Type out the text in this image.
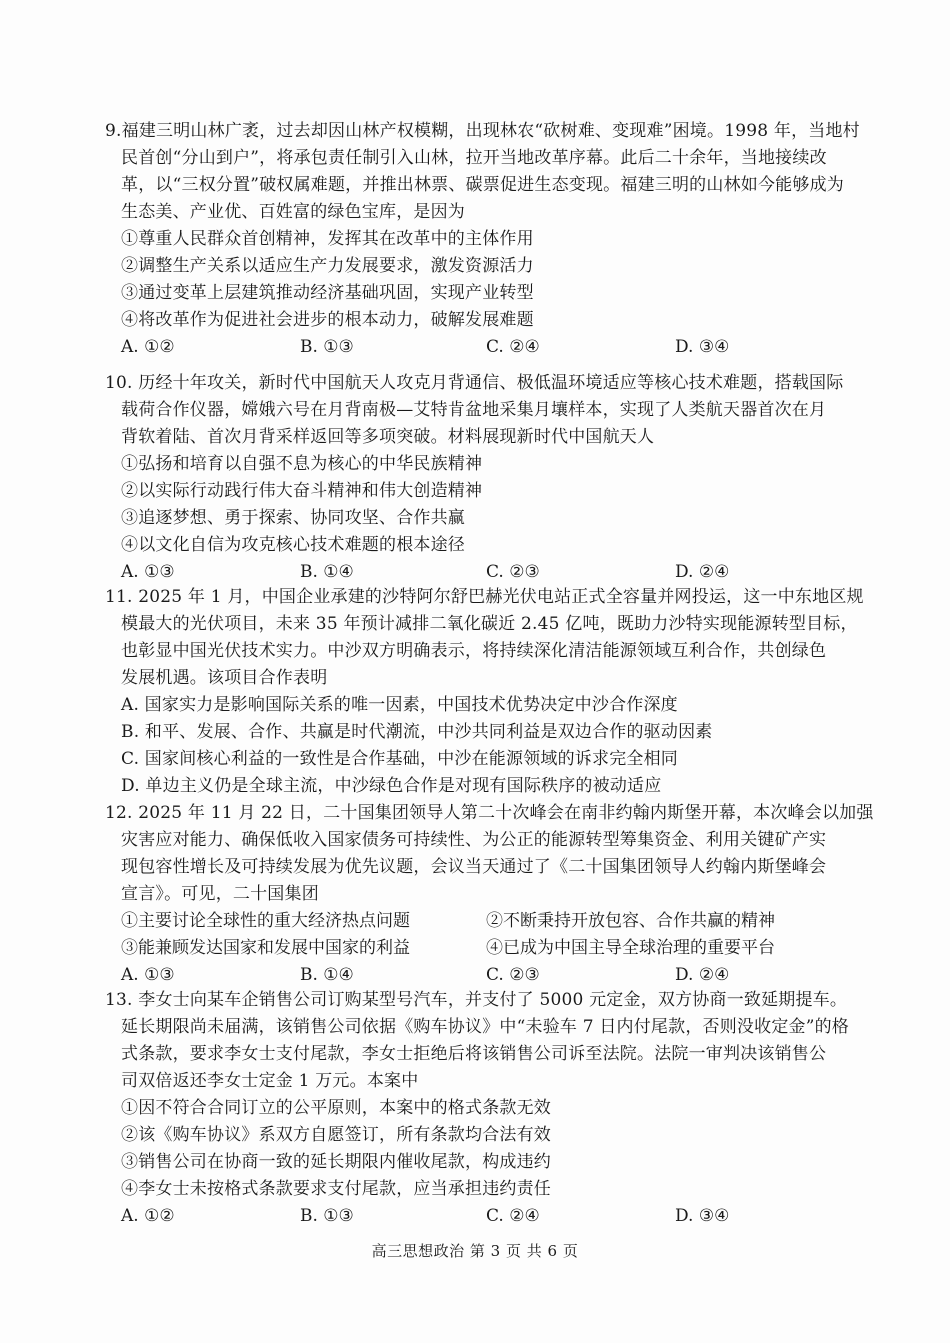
9.福建三明山林广袤，过去却因山林产权模糊，出现林农“砍树难、变现难”困境。1998 年，当地村
民首创“分山到户”，将承包责任制引入山林，拉开当地改革序幕。此后二十余年，当地接续改
革，以“三权分置”破权属难题，并推出林票、碳票促进生态变现。福建三明的山林如今能够成为
生态美、产业优、百姓富的绿色宝库，是因为
①尊重人民群众首创精神，发挥其在改革中的主体作用
②调整生产关系以适应生产力发展要求，激发资源活力
③通过变革上层建筑推动经济基础巩固，实现产业转型
④将改革作为促进社会进步的根本动力，破解发展难题
A. ①②	B. ①③	C. ②④	D. ③④
10. 历经十年攻关，新时代中国航天人攻克月背通信、极低温环境适应等核心技术难题，搭载国际
载荷合作仪器，嫦娥六号在月背南极—艾特肯盆地采集月壤样本，实现了人类航天器首次在月
背软着陆、首次月背采样返回等多项突破。材料展现新时代中国航天人
①弘扬和培育以自强不息为核心的中华民族精神
②以实际行动践行伟大奋斗精神和伟大创造精神
③追逐梦想、勇于探索、协同攻坚、合作共赢
④以文化自信为攻克核心技术难题的根本途径
A. ①③	B. ①④	C. ②③	D. ②④
11. 2025 年 1 月，中国企业承建的沙特阿尔舒巴赫光伏电站正式全容量并网投运，这一中东地区规
模最大的光伏项目，未来 35 年预计减排二氧化碳近 2.45 亿吨，既助力沙特实现能源转型目标，
也彰显中国光伏技术实力。中沙双方明确表示，将持续深化清洁能源领域互利合作，共创绿色
发展机遇。该项目合作表明
A. 国家实力是影响国际关系的唯一因素，中国技术优势决定中沙合作深度
B. 和平、发展、合作、共赢是时代潮流，中沙共同利益是双边合作的驱动因素
C. 国家间核心利益的一致性是合作基础，中沙在能源领域的诉求完全相同
D. 单边主义仍是全球主流，中沙绿色合作是对现有国际秩序的被动适应
12. 2025 年 11 月 22 日，二十国集团领导人第二十次峰会在南非约翰内斯堡开幕，本次峰会以加强
灾害应对能力、确保低收入国家债务可持续性、为公正的能源转型筹集资金、利用关键矿产实
现包容性增长及可持续发展为优先议题，会议当天通过了《二十国集团领导人约翰内斯堡峰会
宣言》。可见，二十国集团
①主要讨论全球性的重大经济热点问题	②不断秉持开放包容、合作共赢的精神
③能兼顾发达国家和发展中国家的利益	④已成为中国主导全球治理的重要平台
A. ①③	B. ①④	C. ②③	D. ②④
13. 李女士向某车企销售公司订购某型号汽车，并支付了 5000 元定金，双方协商一致延期提车。
延长期限尚未届满，该销售公司依据《购车协议》中“未验车 7 日内付尾款，否则没收定金”的格
式条款，要求李女士支付尾款，李女士拒绝后将该销售公司诉至法院。法院一审判决该销售公
司双倍返还李女士定金 1 万元。本案中
①因不符合合同订立的公平原则，本案中的格式条款无效
②该《购车协议》系双方自愿签订，所有条款均合法有效
③销售公司在协商一致的延长期限内催收尾款，构成违约
④李女士未按格式条款要求支付尾款，应当承担违约责任
A. ①②	B. ①③	C. ②④	D. ③④
高三思想政治 第 3 页 共 6 页
